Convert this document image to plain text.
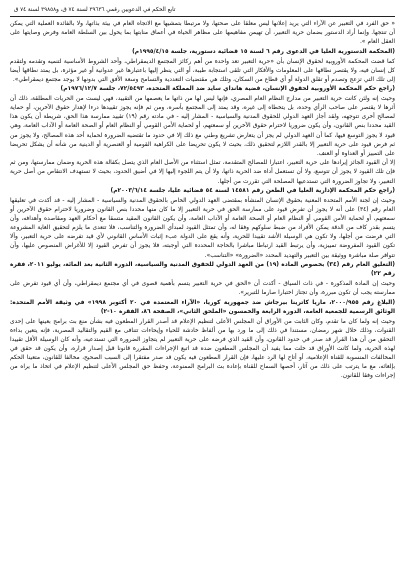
تابع الحكم في الدعويين رقمي ٣٩٦٣٦ لسنة ٧٤ ق، و٣٩٨٥٨ لسنة ٧٤ ق

« حق الفرد في التعبير عن الآراء التي يريد إعلانها ليس معلقا على صحتها، ولا مرتبطا بتمشيها مع الاتجاه العام في بيئة بذاتها، ولا بالفائدة العملية التي يمكن أن تنتجها. وإنما أراد الدستور بضمان حرية التعبير، أن تهيمن مفاهيمها على مظاهر الحياة في أعماق منابتها بما يحول بين السلطة العامة وفرض وصايتها على العقل العام ».

(المحكمة الدستورية العليا في الدعوى رقم ٦ لسنة ١٥ قضائية دستورية، جلسة ١٩٩٥/٤/١٥م)

كما قضت المحكمة الأوروبية لحقوق الإنسان بأن «حرية التعبير تعد واحدة من أهم ركائز المجتمع الديمقراطي، وأحد الشروط الأساسية لتنميه وتقدمه ولتقدم كل إنسان فيه، ولا يقتصر نطاقها على المعلومات والأفكار التي تلقى استجابة طيبة، أو التي ينظر إليها باعتبارها غير عدوانية أو غير مؤثرة، بل يمتد نطاقها أيضا إلى تلك التي تزعج وتصدم أو تقلق الدولة أو أي قطاع من السكان، وتلك هي مقتضيات التعددية والتسامح وسعة الأفق التي بدونها لا يوجد مجتمع ديمقراطي».

(راجع حكم المحكمة الأوروبية لحقوق الإنسان، قضية هانداي سايد ضد المملكة المتحدة، ٧٢/٥٤٩٣، جلسة ١٩٧٦/١٢/٧م)

وحيث إنه ولئن كانت حرية التعبير من مدارج النظام العام المصري، فإنها ليس لها من ذاتها ما يعصمها من التقييد، فهي ليست من الحريات المطلقة، ذلك أن أثرها لا يقتصر على صاحب الرأي وحده، بل يتخطاه إلى غيره، وقد يمتد إلى المجتمع بأسره، ومن ثم فإنه يجوز تقييدها درءا لإهدار حقوق الآخرين، أو حماية لمصالح أخرى تتوجهه، ولقد أجاز العهد الدولي للحقوق المدنية والسياسية - المشار إليه - في مادته رقم (١٩) تقييد ممارسة هذا الحق، شريطة أن يكون هذا القيد محددا بنص القانون، وأن يكون ضروريا لاحترام حقوق الآخرين أو سمعتهم، أو لحماية الأمن القومي أو النظام العام أو الصحة العامة أو الآداب العامة، وهي قيود لا يجوز التوسع فيها، كما أن العهد الدولي لم يجز أن يتعارض تشريع وطني مع ذلك إلا في حدود ما تقتضيه الضرورة لحماية أحد هذه المصالح، ولا يجوز من ثم فرض قيود على حرية التعبير إلا بالقدر اللازم لتحقيق ذلك، بحيث لا يكون تحريضا على الكراهية القومية أو العنصرية أو الدينية من شأنه أن يشكل تحريضا على التمييز أو العداوة أو العنف.

إلا أن القيود الجائز إيرادها على حرية التعبير، اعتبارا للمصالح المتقدمة، تمثل استثناء من الأصل العام الذي يتصل بكفالة هذه الحرية وضمان ممارستها، ومن ثم فإن تلك القيود لا يجوز أن تتوسع، ولا أن تستعمل أداة ضد الحرية ذاتها، ولا أن يتم اللجوء إليها إلا في أضيق الحدود، بحيث لا تستهدف الانتقاص من أصل حرية التعبير، ولا تجاوز الضرورة التي تستدعيها المصلحة التي تقررت من أجلها.

(راجع حكم المحكمة الإدارية العليا في الطعن رقم ١٤٥٨١ لسنة ٥٤ قضائية عليا، جلسة ٢٠٠٣/٦/١٤م)

وحيث إن لجنة الأمم المتحدة المعنية بحقوق الإنسان المنشأة بمقتضى العهد الدولي الخاص بالحقوق المدنية والسياسية - المشار إليه - قد أكدت في تعليقها العام رقم (٣٤) على أنه لا يجوز أن تفرض قيود على ممارسة الحق في حرية التعبير إلا ما كان منها محددا بنص القانون وضروريا لاحترام حقوق الآخرين أو سمعتهم، أو لحماية الأمن القومي أو النظام العام أو الصحة العامة أو الآداب العامة، وأن يكون القانون المقيد متسقا مع أحكام العهد ومقاصده وأهدافه، وأن يتسم بقدر كاف من الدقة يمكن الأفراد من ضبط سلوكهم وفقا له، وأن تمتثل القيود لمبدأي الضرورة والتناسب، فلا تتعدى ما يلزم لتحقيق الغاية المشروعة التي فرضت من أجلها، ولا تكون هي الوسيلة الأشد تقييدا للحرية، وأنه يقع على الدولة عبء إثبات الأساس القانوني لأي قيد تفرضه على حرية التعبير، وألا تكون القيود المفروضة تمييزية، وأن يرتبط القيد ارتباطا مباشرا بالحاجة المحددة التي أوجبته، فلا يجوز أن تفرض القيود إلا للأغراض المنصوص عليها، وأن تتوافر صلة مباشرة ووثيقة بين التعبير والتهديد المحدد «الضرورة» «التناسب».

(التعليق العام رقم (٣٤) بخصوص المادة (١٩) من العهد الدولي للحقوق المدنية والسياسية، الدورة الثانية بعد المائة، يوليو ٢٠١١، فقرة رقم ٢٢)

وحيث إن المادة المذكورة - في ذات السياق - أكدت أن «الحق في حرية التعبير يتسم بأهمية قصوى في أي مجتمع ديمقراطي، وأن أي قيود تفرض على ممارسته يجب أن تكون مبررة، وأن تجتاز اختبارا صارما للتبرير».

(البلاغ رقم ٢٠٠٠/٩٥٥، ماريا كاترينا بيرجاش ضد جمهورية كوريا، «الآراء المعتمدة في ٢٠ أكتوبر ١٩٩٨» في وثيقة الأمم المتحدة: الوثائق الرسمية للجمعية العامة، الدورة الرابعة والخمسون «الملحق الثاني»، الصفحة ٨٦، الفقرة ١٠-٢)

وحيث إنه ولما كان ما تقدم، وكان الثابت من الأوراق أن المجلس الأعلى لتنظيم الإعلام قد أصدر القرار المطعون فيه بشأن منع بث برامج بعينها على إحدى القنوات، وذلك خلال شهر رمضان، مستندا في ذلك إلى ما ورد بها من ألفاظ خادشة للحياء وإيحاءات تتنافى مع القيم والتقاليد المصرية، فإنه يتعين بداءة التحقق من أن هذا القرار قد صدر في حدود القانون، وأن القيد الذي فرضه على حرية التعبير لم يتجاوز الضرورة التي تستدعيه، وأنه كان الوسيلة الأقل تقييدا لهذه الحرية، ولما كانت الأوراق قد خلت مما يفيد أن المجلس المطعون ضده قد اتبع الإجراءات المقررة قانونا قبل إصدار قراره، وأن يكون قد حقق في المخالفات المنسوبة للقناة الإعلامية، أو أتاح لها الرد عليها، فإن القرار المطعون فيه يكون قد صدر مفتقرا إلى السبب الصحيح، مخالفا للقانون، متعينا الحكم بإلغائه، مع ما يترتب على ذلك من آثار، أخصها السماح للقناة بإعادة بث البرامج الممنوعة، وحفظ حق المجلس الأعلى لتنظيم الإعلام في اتخاذ ما يراه من إجراءات وفقا للقانون.
